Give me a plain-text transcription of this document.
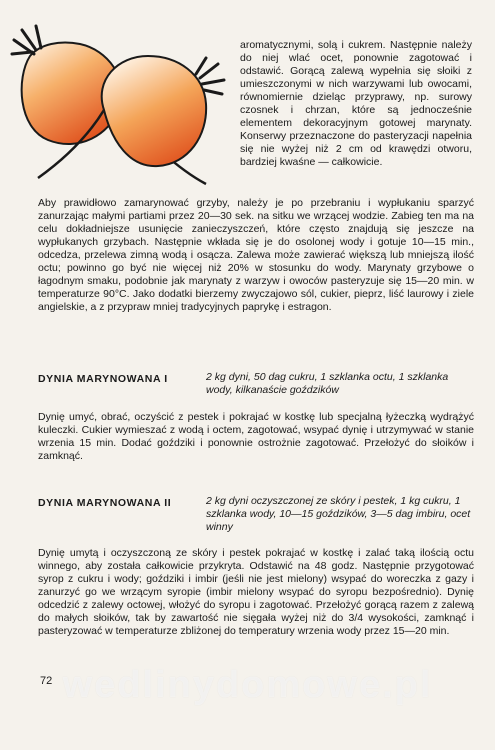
aromatycznymi, solą i cukrem. Następnie należy do niej wlać ocet, ponownie zagotować i odstawić. Gorącą zalewą wypełnia się słoiki z umieszczonymi w nich warzywami lub owocami, równomiernie dzieląc przyprawy, np. surowy czosnek i chrzan, które są jednocześnie elementem dekoracyjnym gotowej marynaty. Konserwy przeznaczone do pasteryzacji napełnia się nie wyżej niż 2 cm od krawędzi otworu, bardziej kwaśne — całkowicie.

Aby prawidłowo zamarynować grzyby, należy je po przebraniu i wypłukaniu sparzyć zanurzając małymi partiami przez 20—30 sek. na sitku we wrzącej wodzie. Zabieg ten ma na celu dokładniejsze usunięcie zanieczyszczeń, które często znajdują się jeszcze na wypłukanych grzybach. Następnie wkłada się je do osolonej wody i gotuje 10—15 min., odcedza, przelewa zimną wodą i osącza. Zalewa może zawierać większą lub mniejszą ilość octu; powinno go być nie więcej niż 20% w stosunku do wody. Marynaty grzybowe o łagodnym smaku, podobnie jak marynaty z warzyw i owoców pasteryzuje się 15—20 min. w temperaturze 90°C. Jako dodatki bierzemy zwyczajowo sól, cukier, pieprz, liść laurowy i ziele angielskie, a z przypraw mniej tradycyjnych paprykę i estragon.

DYNIA MARYNOWANA I	2 kg dyni, 50 dag cukru, 1 szklanka octu, 1 szklanka wody, kilkanaście goździków

Dynię umyć, obrać, oczyścić z pestek i pokrajać w kostkę lub specjalną łyżeczką wydrążyć kuleczki. Cukier wymieszać z wodą i octem, zagotować, wsypać dynię i utrzymywać w stanie wrzenia 15 min. Dodać goździki i ponownie ostrożnie zagotować. Przełożyć do słoików i zamknąć.

DYNIA MARYNOWANA II	2 kg dyni oczyszczonej ze skóry i pestek, 1 kg cukru, 1 szklanka wody, 10—15 goździków, 3—5 dag imbiru, ocet winny

Dynię umytą i oczyszczoną ze skóry i pestek pokrajać w kostkę i zalać taką ilością octu winnego, aby została całkowicie przykryta. Odstawić na 48 godz. Następnie przygotować syrop z cukru i wody; goździki i imbir (jeśli nie jest mielony) wsypać do woreczka z gazy i zanurzyć go we wrzącym syropie (imbir mielony wsypać do syropu bezpośrednio). Dynię odcedzić z zalewy octowej, włożyć do syropu i zagotować. Przełożyć gorącą razem z zalewą do małych słoików, tak by zawartość nie sięgała wyżej niż do 3/4 wysokości, zamknąć i pasteryzować w temperaturze zbliżonej do temperatury wrzenia wody przez 15—20 min.

wedlinydomowe.pl
72
